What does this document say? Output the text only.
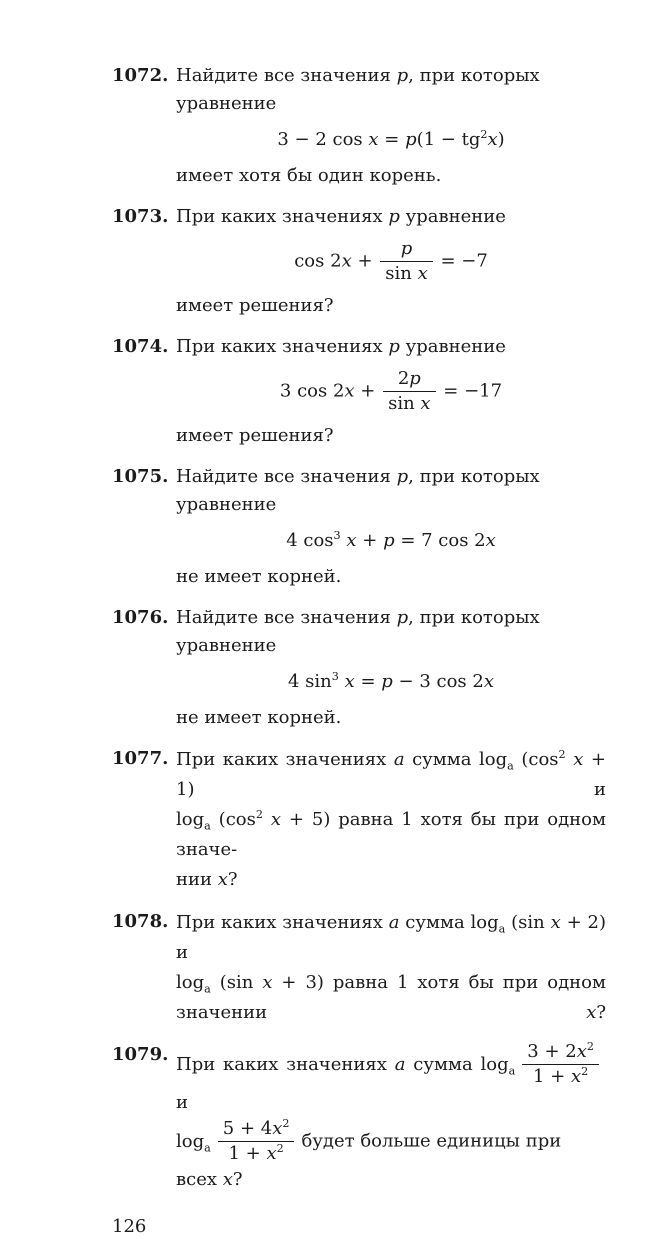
1072. Найдите все значения p, при которых уравнение
3 − 2 $\cos x = p(1 - tg^2x)$
имеет хотя бы один корень.
1073. При каких значениях p уравнение
$\cos 2x + \frac{p}{\text{sin x}} = -7$
имеет решения?
1074. При каких значениях p уравнение
3 $\cos 2x + \frac{2p}{\text{sin x}} = -17$
имеет решения?
1075. Найдите все значения p, при которых уравнение
4 $\cos^3 x + p = 7$ cos 2x
не имеет корней.
1076. Найдите все значения p, при которых уравнение
4 $\sin^3 x = p - 3$ cos 2x
не имеет корней.
1077. При каких значениях a сумма $\log_a (\cos^2$ x + 1) и
$\log_a (\cos^2$ x + 5) равна 1 хотя бы при одном значе-
нии x?
1078. При каких значениях a сумма $\log_a (\sin$ x + 2) и
$\log_a (\sin$ x + 3) равна 1 хотя бы при одном значении x?
1079. При каких значениях a сумма $\log_a \frac{3 + 2x^2}{1 + x^2}$
и
$\log_a \frac{5 + 4x^2}{1 + x^2}$ будет больше единицы при всех x?
126
